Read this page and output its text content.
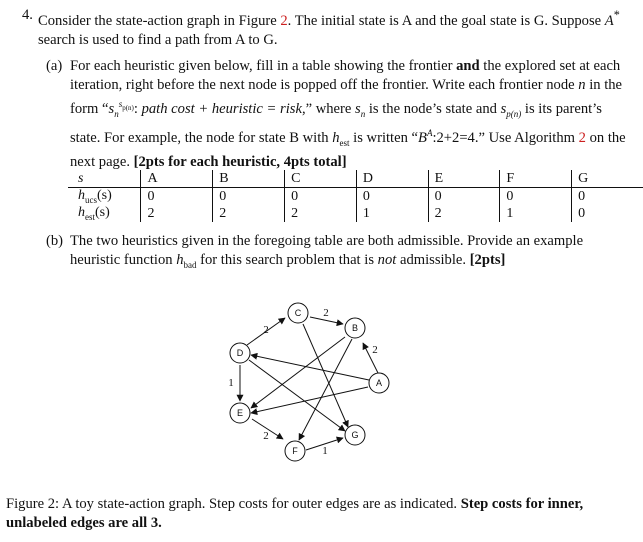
4. Consider the state-action graph in Figure 2. The initial state is A and the goal state is G. Suppose A* search is used to find a path from A to G.
(a) For each heuristic given below, fill in a table showing the frontier and the explored set at each iteration, right before the next node is popped off the frontier. Write each frontier node n in the form “$s_n^{s_{p(n)}}$: path cost + heuristic = risk,” where $s_n$ is the node’s state and $s_{p(n)}$ is its parent’s state. For example, the node for state B with $h_{est}$ is written “$B^A:2+2=4$.” Use Algorithm 2 on the next page. [2pts for each heuristic, 4pts total]
s	A	B	C	D	E	F	G
$h_{ucs}(s)$	0	0	0	0	0	0	0
$h_{est}(s)$	2	2	2	1	2	1	0
(b) The two heuristics given in the foregoing table are both admissible. Provide an example heuristic function $h_{bad}$ for this search problem that is not admissible. [2pts]
C
B
D
A
E
F
G
2
2
2
1
2
1
Figure 2: A toy state-action graph. Step costs for outer edges are as indicated. Step costs for inner, unlabeled edges are all 3.
